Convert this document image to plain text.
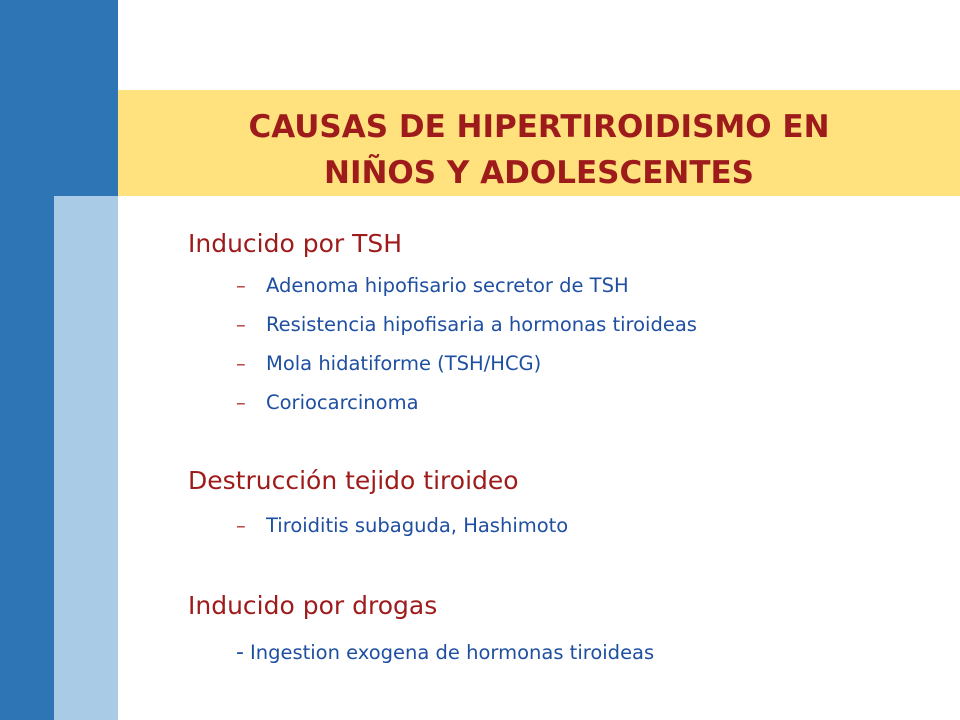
CAUSAS DE HIPERTIROIDISMO EN
NIÑOS Y ADOLESCENTES
Inducido por TSH
– Adenoma hipofisario secretor de TSH
– Resistencia hipofisaria a hormonas tiroideas
– Mola hidatiforme (TSH/HCG)
– Coriocarcinoma
Destrucción tejido tiroideo
– Tiroiditis subaguda, Hashimoto
Inducido por drogas
- Ingestion exogena de hormonas tiroideas
